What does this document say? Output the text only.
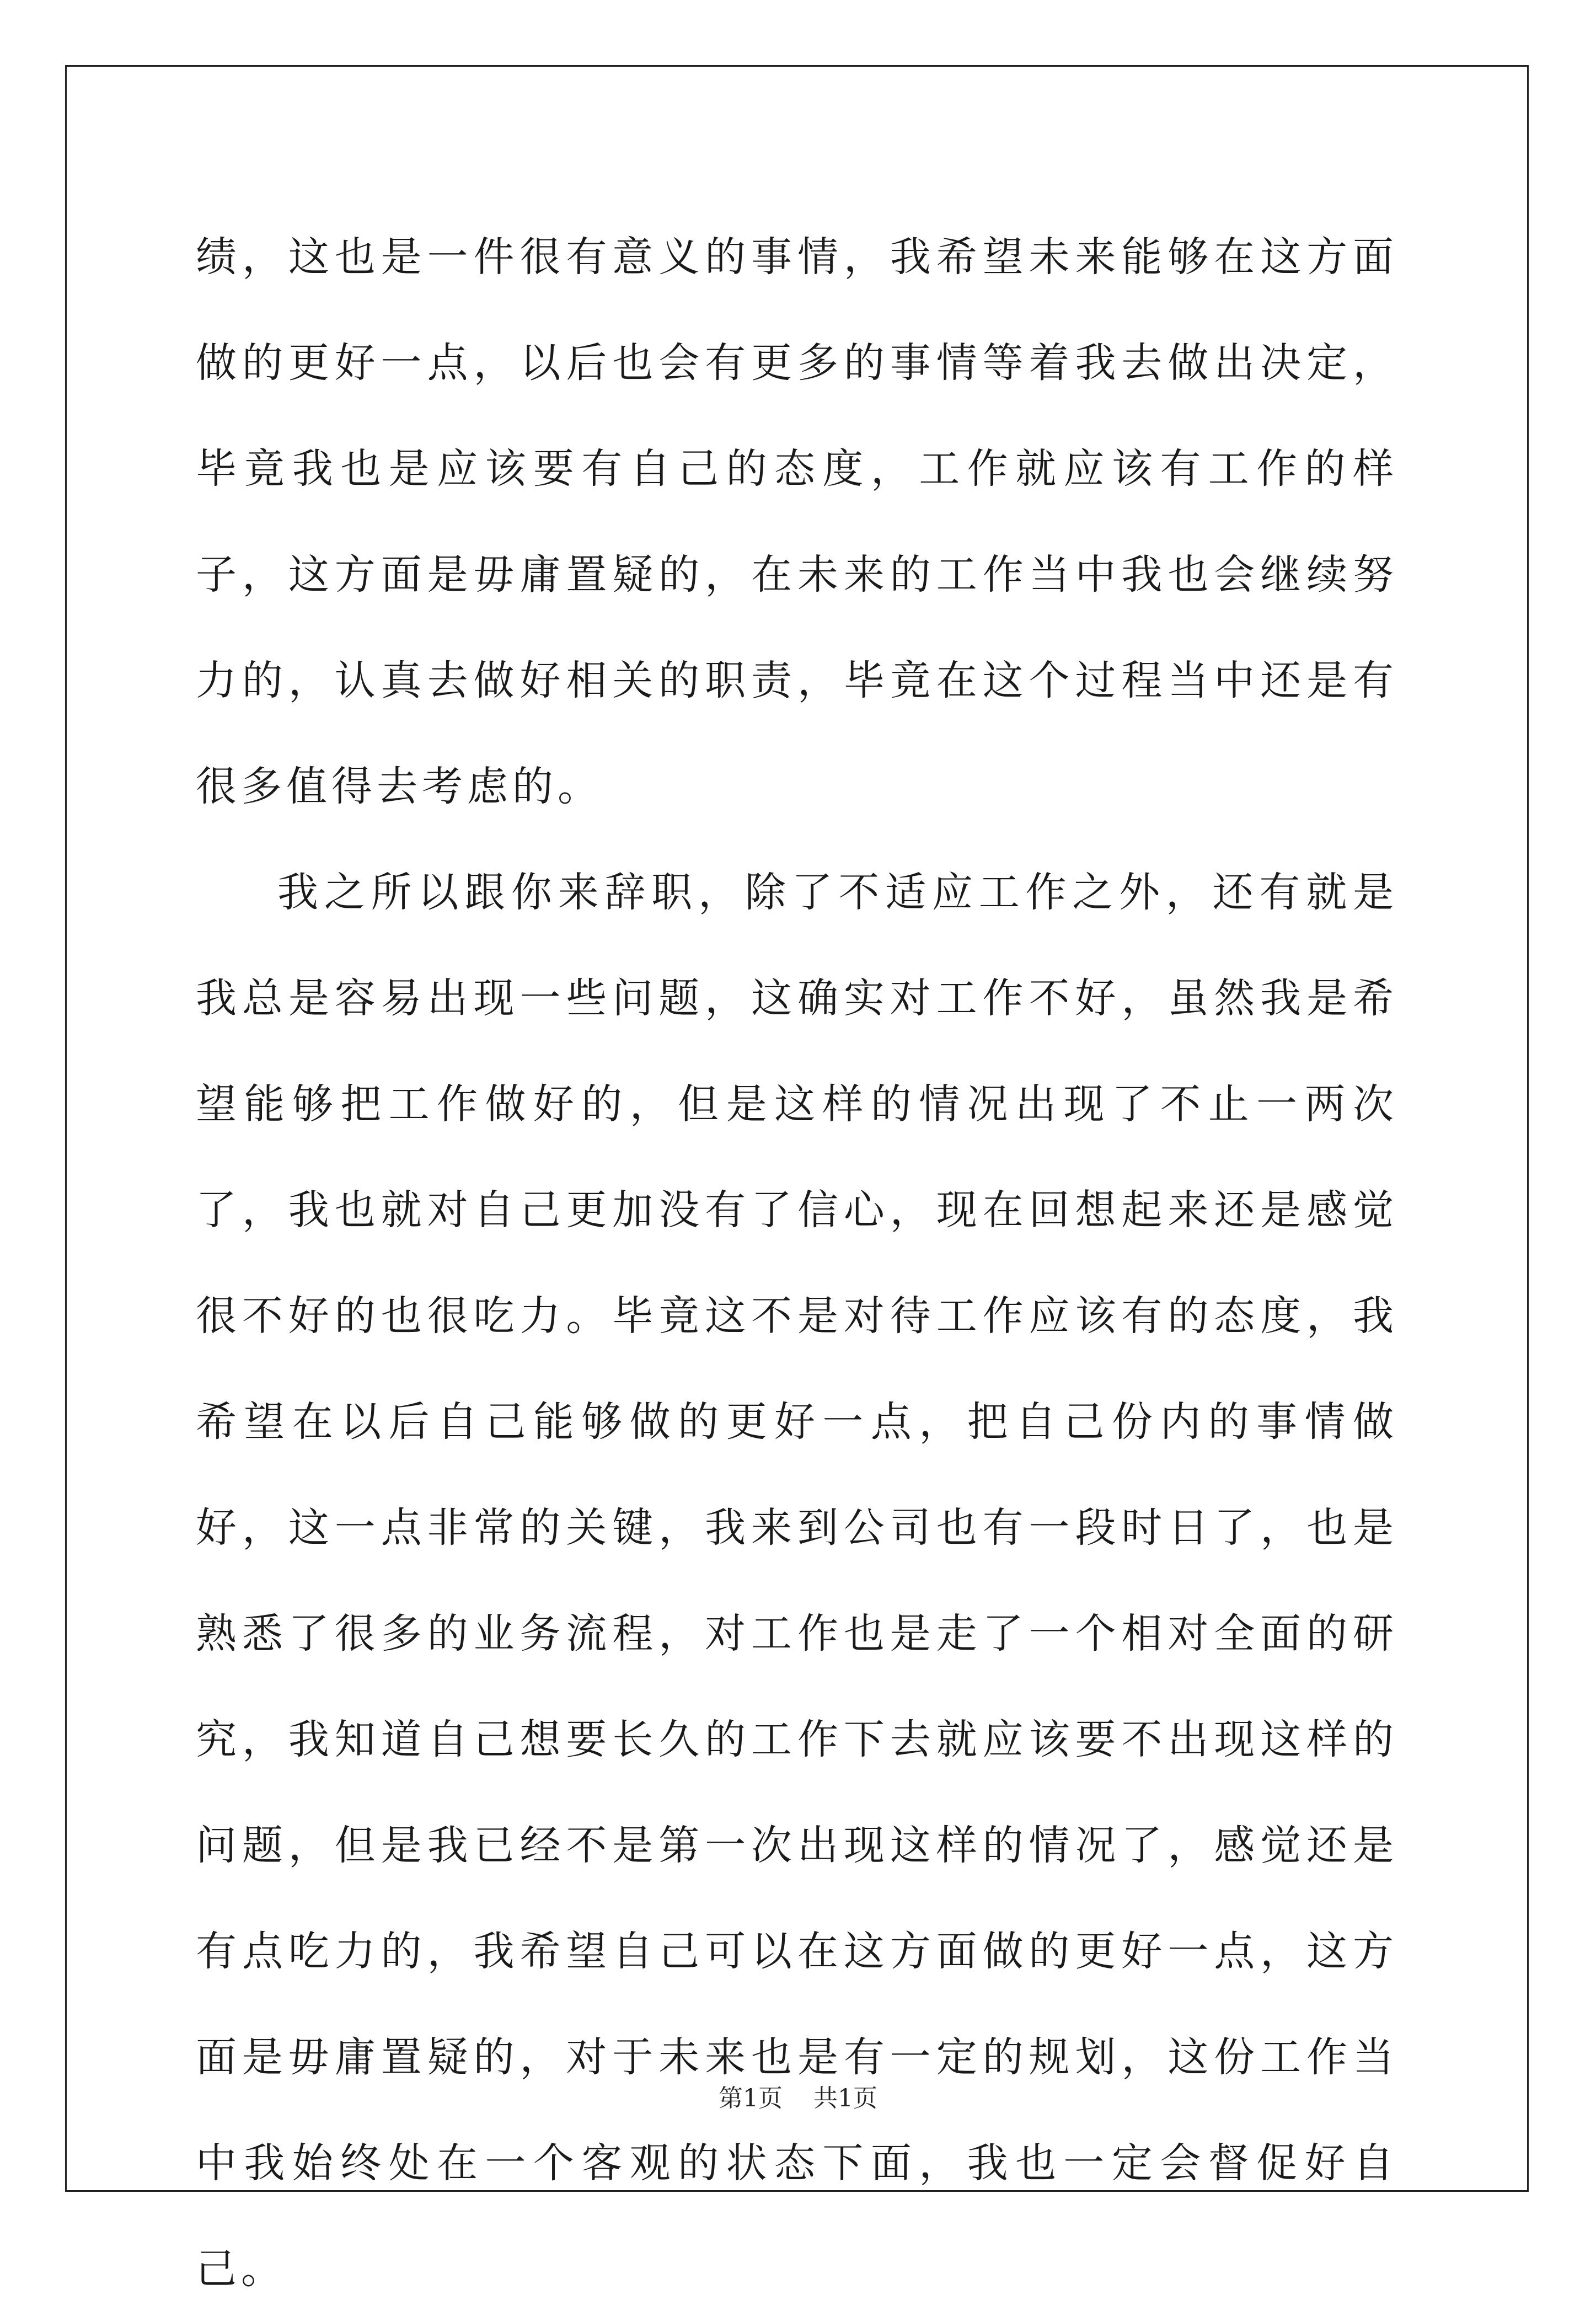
绩，这也是一件很有意义的事情，我希望未来能够在这方面做的更好一点，以后也会有更多的事情等着我去做出决定，毕竟我也是应该要有自己的态度，工作就应该有工作的样子，这方面是毋庸置疑的，在未来的工作当中我也会继续努力的，认真去做好相关的职责，毕竟在这个过程当中还是有很多值得去考虑的。

我之所以跟你来辞职，除了不适应工作之外，还有就是我总是容易出现一些问题，这确实对工作不好，虽然我是希望能够把工作做好的，但是这样的情况出现了不止一两次了，我也就对自己更加没有了信心，现在回想起来还是感觉很不好的也很吃力。毕竟这不是对待工作应该有的态度，我希望在以后自己能够做的更好一点，把自己份内的事情做好，这一点非常的关键，我来到公司也有一段时日了，也是熟悉了很多的业务流程，对工作也是走了一个相对全面的研究，我知道自己想要长久的工作下去就应该要不出现这样的问题，但是我已经不是第一次出现这样的情况了，感觉还是有点吃力的，我希望自己可以在这方面做的更好一点，这方面是毋庸置疑的，对于未来也是有一定的规划，这份工作当中我始终处在一个客观的状态下面，我也一定会督促好自己。

第1页 共1页
